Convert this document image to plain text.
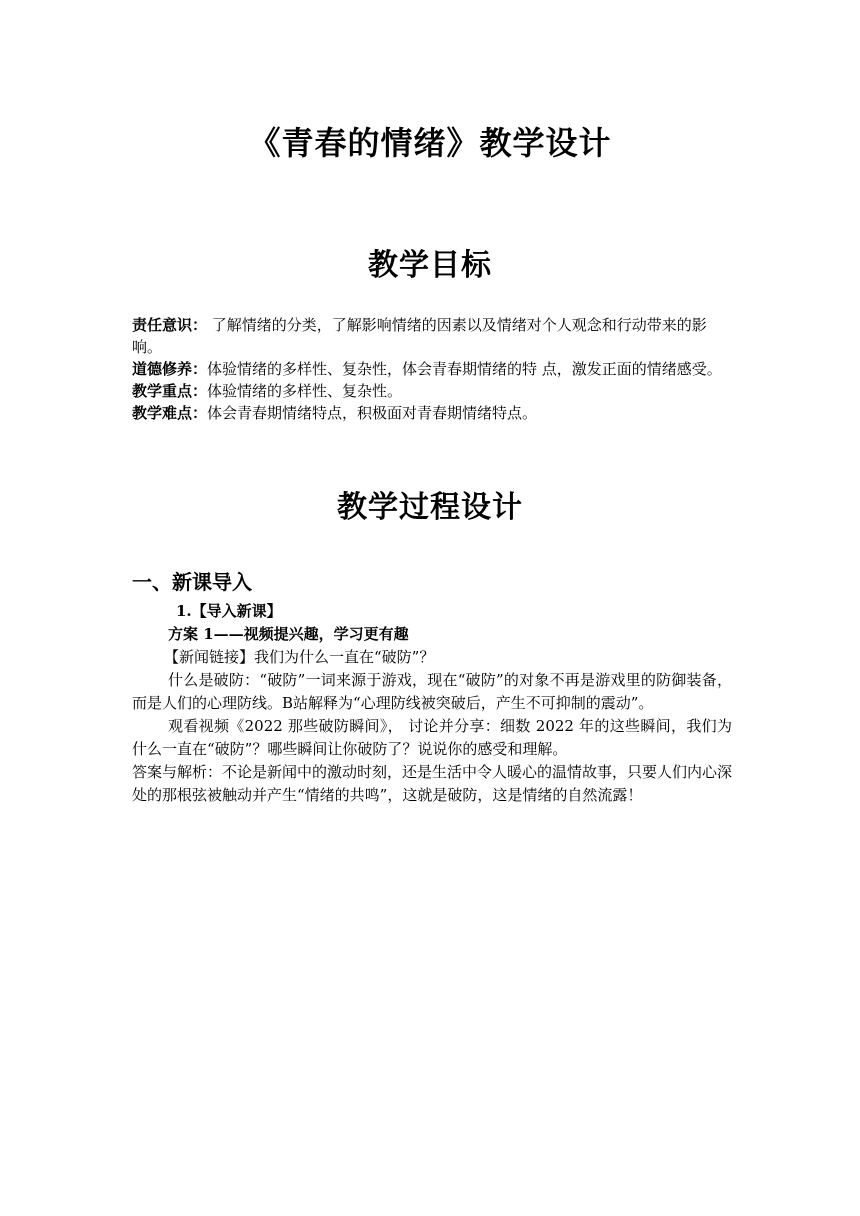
《青春的情绪》教学设计
教学目标

责任意识： 了解情绪的分类，了解影响情绪的因素以及情绪对个人观念和行动带来的影响。

道德修养：体验情绪的多样性、复杂性，体会青春期情绪的特 点，激发正面的情绪感受。

教学重点：体验情绪的多样性、复杂性。

教学难点：体会青春期情绪特点，积极面对青春期情绪特点。

教学过程设计
一、新课导入

1.【导入新课】

方案 1——视频提兴趣，学习更有趣

【新闻链接】我们为什么一直在“破防”？

什么是破防：“破防”一词来源于游戏，现在“破防”的对象不再是游戏里的防御装备，而是人们的心理防线。B站解释为“心理防线被突破后，产生不可抑制的震动”。

观看视频《2022 那些破防瞬间》， 讨论并分享：细数 2022 年的这些瞬间，我们为什么一直在“破防”？哪些瞬间让你破防了？说说你的感受和理解。

答案与解析：不论是新闻中的激动时刻，还是生活中令人暖心的温情故事，只要人们内心深处的那根弦被触动并产生“情绪的共鸣”，这就是破防，这是情绪的自然流露！
